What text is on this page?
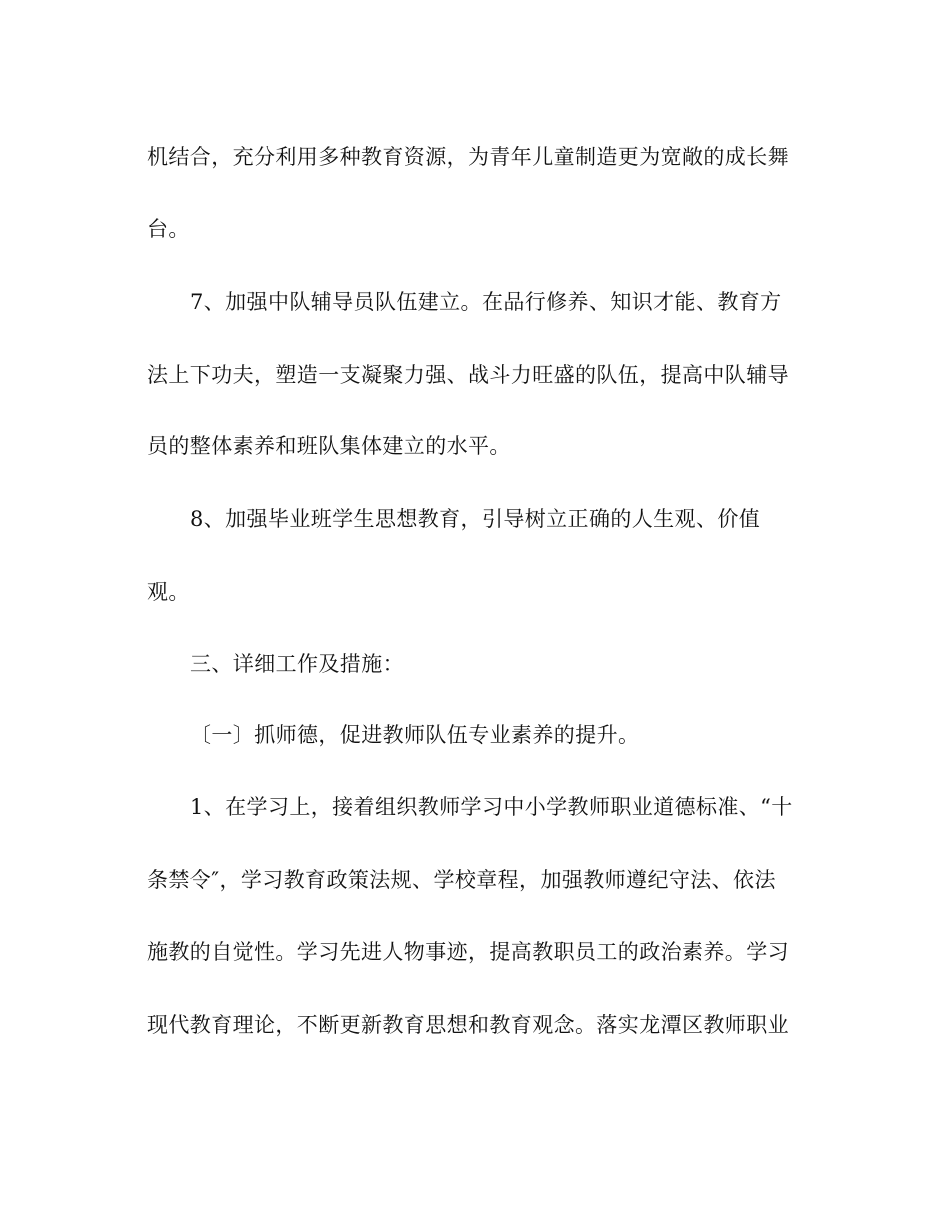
机结合，充分利用多种教育资源，为青年儿童制造更为宽敞的成长舞
台。
7、加强中队辅导员队伍建立。在品行修养、知识才能、教育方
法上下功夫，塑造一支凝聚力强、战斗力旺盛的队伍，提高中队辅导
员的整体素养和班队集体建立的水平。
8、加强毕业班学生思想教育，引导树立正确的人生观、价值
观。
三、详细工作及措施：
〔一〕抓师德，促进教师队伍专业素养的提升。
1、在学习上，接着组织教师学习中小学教师职业道德标准、“十
条禁令″，学习教育政策法规、学校章程，加强教师遵纪守法、依法
施教的自觉性。学习先进人物事迹，提高教职员工的政治素养。学习
现代教育理论，不断更新教育思想和教育观念。落实龙潭区教师职业
